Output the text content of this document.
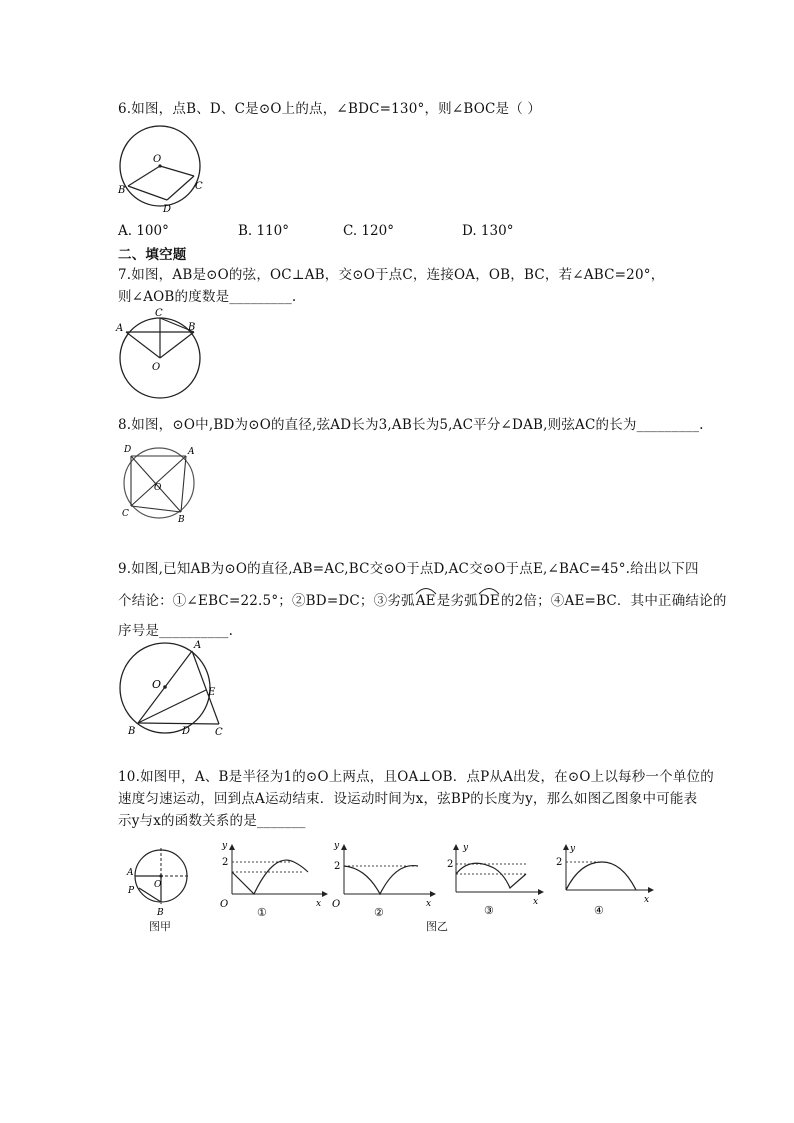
6.如图，点B、D、C是⊙O上的点，∠BDC=130°，则∠BOC是（ ）
O
B	C
D
A. 100°	B. 110°	C. 120°	D. 130°
二、填空题
7.如图，AB是⊙O的弦，OC⊥AB，交⊙O于点C，连接OA，OB，BC，若∠ABC=20°，
则∠AOB的度数是_________.
A	B
C
O
8.如图，⊙O中,BD为⊙O的直径,弦AD长为3,AB长为5,AC平分∠DAB,则弦AC的长为_________.
D	A
C
B
O
9.如图,已知AB为⊙O的直径,AB=AC,BC交⊙O于点D,AC交⊙O于点E,∠BAC=45°.给出以下四
个结论：①∠EBC=22.5°；②BD=DC；③劣弧
AE是劣弧
DE的2倍；④AE=BC．其中正确结论的
序号是__________.
A
O
E
B	D C
10.如图甲，A、B是半径为1的⊙O上两点，且OA⊥OB．点P从A出发，在⊙O上以每秒一个单位的
速度匀速运动，回到点A运动结束．设运动时间为x，弦BP的长度为y，那么如图乙图象中可能表
示y与x的函数关系的是_______
A
P
B
O
图甲
y
x
2
O
①
y
x
2
O
②
y
x
2
③
y
x
2
④
图乙
